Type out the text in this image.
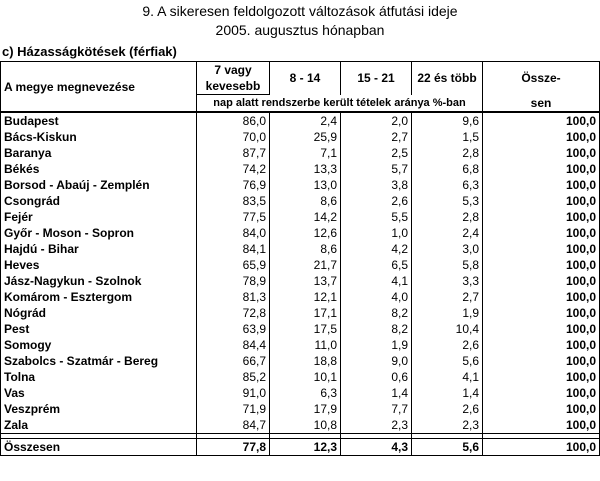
9. A sikeresen feldolgozott változások átfutási ideje
2005. augusztus hónapban
c) Házasságkötések (férfiak)
A megye megnevezése	7 vagy	8 - 14	15 - 21	22 és több	Össze-
	kevesebb				
	nap alatt rendszerbe került tételek aránya %-ban				sen
Budapest	86,0	2,4	2,0	9,6	100,0
Bács-Kiskun	70,0	25,9	2,7	1,5	100,0
Baranya	87,7	7,1	2,5	2,8	100,0
Békés	74,2	13,3	5,7	6,8	100,0
Borsod - Abaúj - Zemplén	76,9	13,0	3,8	6,3	100,0
Csongrád	83,5	8,6	2,6	5,3	100,0
Fejér	77,5	14,2	5,5	2,8	100,0
Győr - Moson - Sopron	84,0	12,6	1,0	2,4	100,0
Hajdú - Bihar	84,1	8,6	4,2	3,0	100,0
Heves	65,9	21,7	6,5	5,8	100,0
Jász-Nagykun - Szolnok	78,9	13,7	4,1	3,3	100,0
Komárom - Esztergom	81,3	12,1	4,0	2,7	100,0
Nógrád	72,8	17,1	8,2	1,9	100,0
Pest	63,9	17,5	8,2	10,4	100,0
Somogy	84,4	11,0	1,9	2,6	100,0
Szabolcs - Szatmár - Bereg	66,7	18,8	9,0	5,6	100,0
Tolna	85,2	10,1	0,6	4,1	100,0
Vas	91,0	6,3	1,4	1,4	100,0
Veszprém	71,9	17,9	7,7	2,6	100,0
Zala	84,7	10,8	2,3	2,3	100,0

Összesen	77,8	12,3	4,3	5,6	100,0
